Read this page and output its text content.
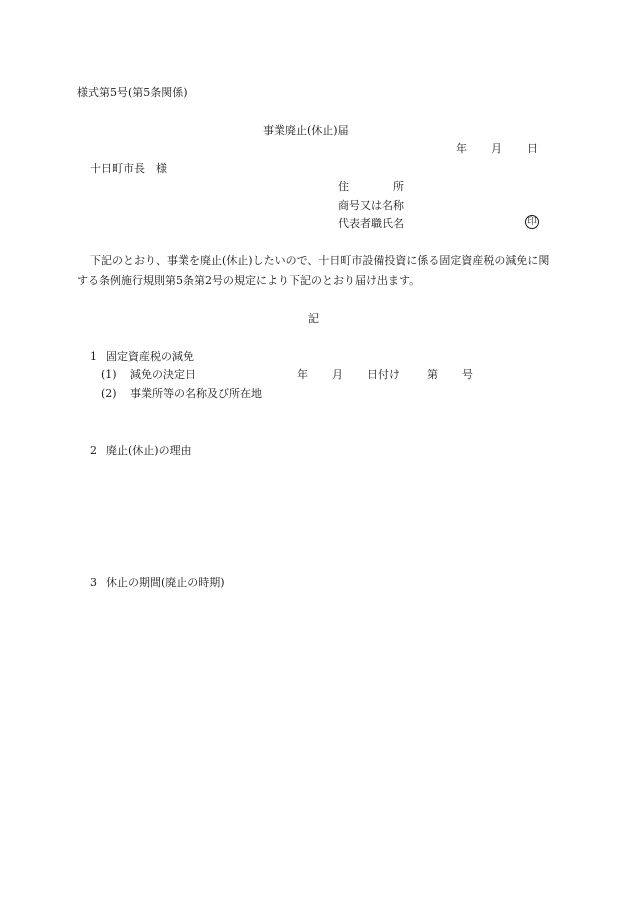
様式第5号(第5条関係)
事業廃止(休止)届
年 月 日
十日町市長　様
住　　　　所
商号又は名称
代表者職氏名	印
下記のとおり、事業を廃止(休止)したいので、十日町市設備投資に係る固定資産税の減免に関する条例施行規則第5条第2号の規定により下記のとおり届け出ます。
記
1 固定資産税の減免
(1) 減免の決定日	年 月 日付け 第 号
(2) 事業所等の名称及び所在地
2 廃止(休止)の理由
3 休止の期間(廃止の時期)
